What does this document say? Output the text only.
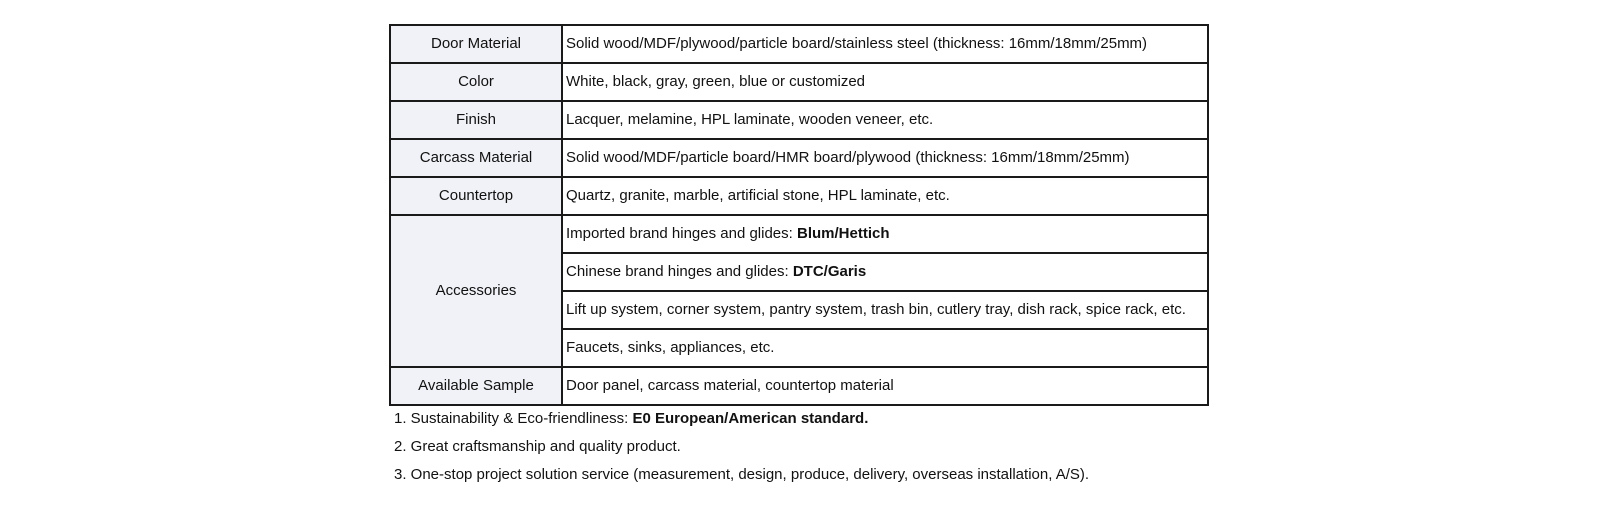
Door Material	Solid wood/MDF/plywood/particle board/stainless steel (thickness: 16mm/18mm/25mm)
Color	White, black, gray, green, blue or customized
Finish	Lacquer, melamine, HPL laminate, wooden veneer, etc.
Carcass Material	Solid wood/MDF/particle board/HMR board/plywood (thickness: 16mm/18mm/25mm)
Countertop	Quartz, granite, marble, artificial stone, HPL laminate, etc.
Accessories	Imported brand hinges and glides: Blum/Hettich
	Chinese brand hinges and glides: DTC/Garis
	Lift up system, corner system, pantry system, trash bin, cutlery tray, dish rack, spice rack, etc.
	Faucets, sinks, appliances, etc.
Available Sample	Door panel, carcass material, countertop material
1. Sustainability & Eco-friendliness: E0 European/American standard.
2. Great craftsmanship and quality product.
3. One-stop project solution service (measurement, design, produce, delivery, overseas installation, A/S).
